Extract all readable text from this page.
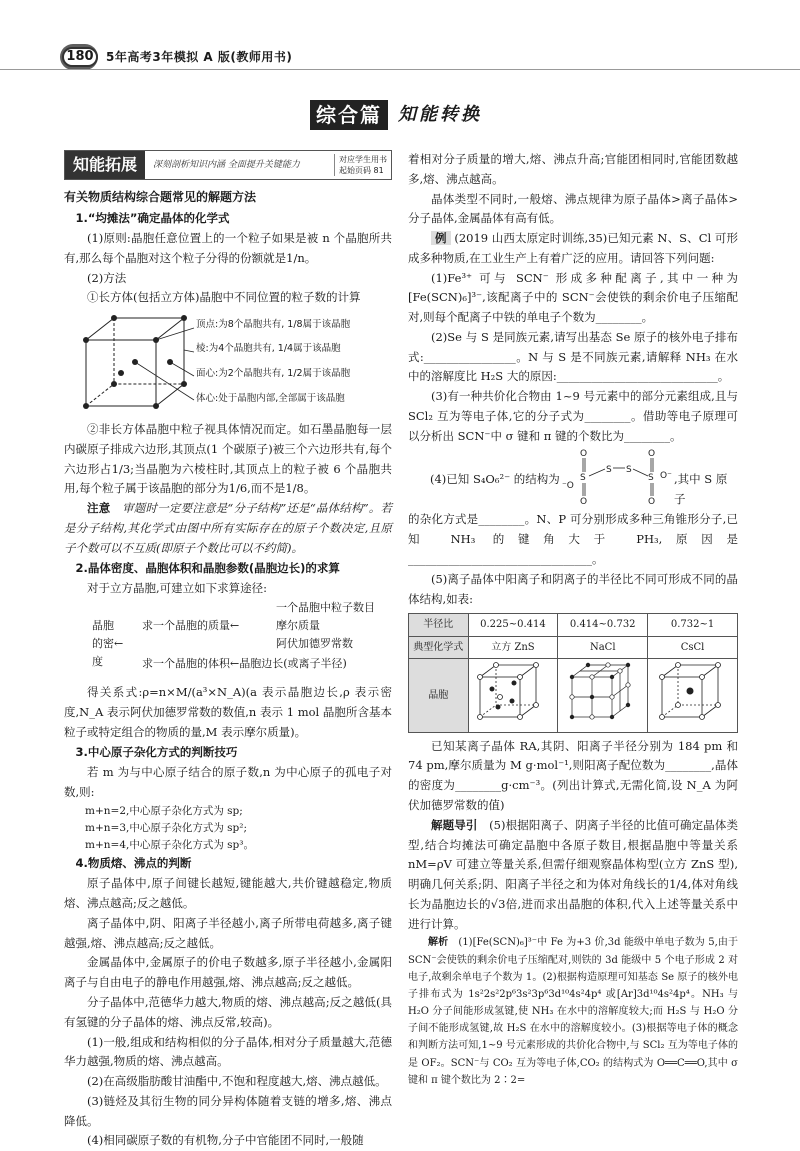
180	5年高考3年模拟 A 版(教师用书)
综合篇 知能转换
知能拓展	深刻剖析知识内涵 全面提升关键能力
对应学生用书
起始页码 81
有关物质结构综合题常见的解题方法
1.“均摊法”确定晶体的化学式

(1)原则:晶胞任意位置上的一个粒子如果是被 n 个晶胞所共有,那么每个晶胞对这个粒子分得的份额就是1/n。

(2)方法

①长方体(包括立方体)晶胞中不同位置的粒子数的计算

顶点:为8个晶胞共有, 1/8属于该晶胞
棱:为4个晶胞共有, 1/4属于该晶胞
面心:为2个晶胞共有, 1/2属于该晶胞
体心:处于晶胞内部,全部属于该晶胞

②非长方体晶胞中粒子视具体情况而定。如石墨晶胞每一层内碳原子排成六边形,其顶点(1 个碳原子)被三个六边形共有,每个六边形占1/3;当晶胞为六棱柱时,其顶点上的粒子被 6 个晶胞共用,每个粒子属于该晶胞的部分为1/6,而不是1/8。

注意　 审题时一定要注意是“分子结构”还是“晶体结构”。若是分子结构,其化学式由图中所有实际存在的原子个数决定,且原子个数可以不互质(即原子个数比可以不约简)。

2.晶体密度、晶胞体积和晶胞参数(晶胞边长)的求算

对于立方晶胞,可建立如下求算途径:

晶胞
的密←
度
求一个晶胞的质量←
一个晶胞中粒子数目
摩尔质量
阿伏加德罗常数
求一个晶胞的体积←晶胞边长(或离子半径)

得关系式:ρ=n×M/(a³×N_A)(a 表示晶胞边长,ρ 表示密度,N_A 表示阿伏加德罗常数的数值,n 表示 1 mol 晶胞所含基本粒子或特定组合的物质的量,M 表示摩尔质量)。

3.中心原子杂化方式的判断技巧

若 m 为与中心原子结合的原子数,n 为中心原子的孤电子对数,则:

m+n=2,中心原子杂化方式为 sp;

m+n=3,中心原子杂化方式为 sp²;

m+n=4,中心原子杂化方式为 sp³。

4.物质熔、沸点的判断

原子晶体中,原子间键长越短,键能越大,共价键越稳定,物质熔、沸点越高;反之越低。

离子晶体中,阴、阳离子半径越小,离子所带电荷越多,离子键越强,熔、沸点越高;反之越低。

金属晶体中,金属原子的价电子数越多,原子半径越小,金属阳离子与自由电子的静电作用越强,熔、沸点越高;反之越低。

分子晶体中,范德华力越大,物质的熔、沸点越高;反之越低(具有氢键的分子晶体的熔、沸点反常,较高)。

(1)一般,组成和结构相似的分子晶体,相对分子质量越大,范德华力越强,物质的熔、沸点越高。

(2)在高级脂肪酸甘油酯中,不饱和程度越大,熔、沸点越低。

(3)链烃及其衍生物的同分异构体随着支链的增多,熔、沸点降低。

(4)相同碳原子数的有机物,分子中官能团不同时,一般随

着相对分子质量的增大,熔、沸点升高;官能团相同时,官能团数越多,熔、沸点越高。

晶体类型不同时,一般熔、沸点规律为原子晶体>离子晶体>分子晶体,金属晶体有高有低。

例 (2019 山西太原定时训练,35)已知元素 N、S、Cl 可形成多种物质,在工业生产上有着广泛的应用。请回答下列问题:

(1)Fe³⁺ 可与 SCN⁻ 形成多种配离子,其中一种为[Fe(SCN)₆]³⁻,该配离子中的 SCN⁻会使铁的剩余价电子压缩配对,则每个配离子中铁的单电子个数为________。

(2)Se 与 S 是同族元素,请写出基态 Se 原子的核外电子排布式:________________。N 与 S 是不同族元素,请解释 NH₃ 在水中的溶解度比 H₂S 大的原因:____________________________。

(3)有一种共价化合物由 1~9 号元素中的部分元素组成,且与 SCl₂ 互为等电子体,它的分子式为________。借助等电子原理可以分析出 SCN⁻中 σ 键和 π 键的个数比为________。

(4)已知 S₄O₆²⁻ 的结构为
O
S
O
⁻O
S S
O
S
O
O⁻ ,其中 S 原子

的杂化方式是________。N、P 可分别形成多种三角锥形分子,已知 NH₃ 的键角大于 PH₃,原因是________________________________。

(5)离子晶体中阳离子和阴离子的半径比不同可形成不同的晶体结构,如表:

半径比	0.225~0.414	0.414~0.732	0.732~1
典型化学式	立方 ZnS	NaCl	CsCl
晶胞			

已知某离子晶体 RA,其阴、阳离子半径分别为 184 pm 和 74 pm,摩尔质量为 M g·mol⁻¹,则阳离子配位数为________,晶体的密度为________g·cm⁻³。(列出计算式,无需化简,设 N_A 为阿伏加德罗常数的值)

解题导引　 (5)根据阳离子、阴离子半径的比值可确定晶体类型,结合均摊法可确定晶胞中各原子数目,根据晶胞中等量关系 nM=ρV 可建立等量关系,但需仔细观察晶体构型(立方 ZnS 型),明确几何关系;阴、阳离子半径之和为体对角线长的1/4,体对角线长为晶胞边长的√3倍,进而求出晶胞的体积,代入上述等量关系中进行计算。

解析　 (1)[Fe(SCN)₆]³⁻中 Fe 为+3 价,3d 能级中单电子数为 5,由于 SCN⁻会使铁的剩余价电子压缩配对,则铁的 3d 能级中 5 个电子形成 2 对电子,故剩余单电子个数为 1。(2)根据构造原理可知基态 Se 原子的核外电子排布式为 1s²2s²2p⁶3s²3p⁶3d¹⁰4s²4p⁴ 或[Ar]3d¹⁰4s²4p⁴。NH₃ 与 H₂O 分子间能形成氢键,使 NH₃ 在水中的溶解度较大;而 H₂S 与 H₂O 分子间不能形成氢键,故 H₂S 在水中的溶解度较小。(3)根据等电子体的概念和判断方法可知,1~9 号元素形成的共价化合物中,与 SCl₂ 互为等电子体的是 OF₂。SCN⁻与 CO₂ 互为等电子体,CO₂ 的结构式为 O══C══O,其中 σ 键和 π 键个数比为 2∶2=
